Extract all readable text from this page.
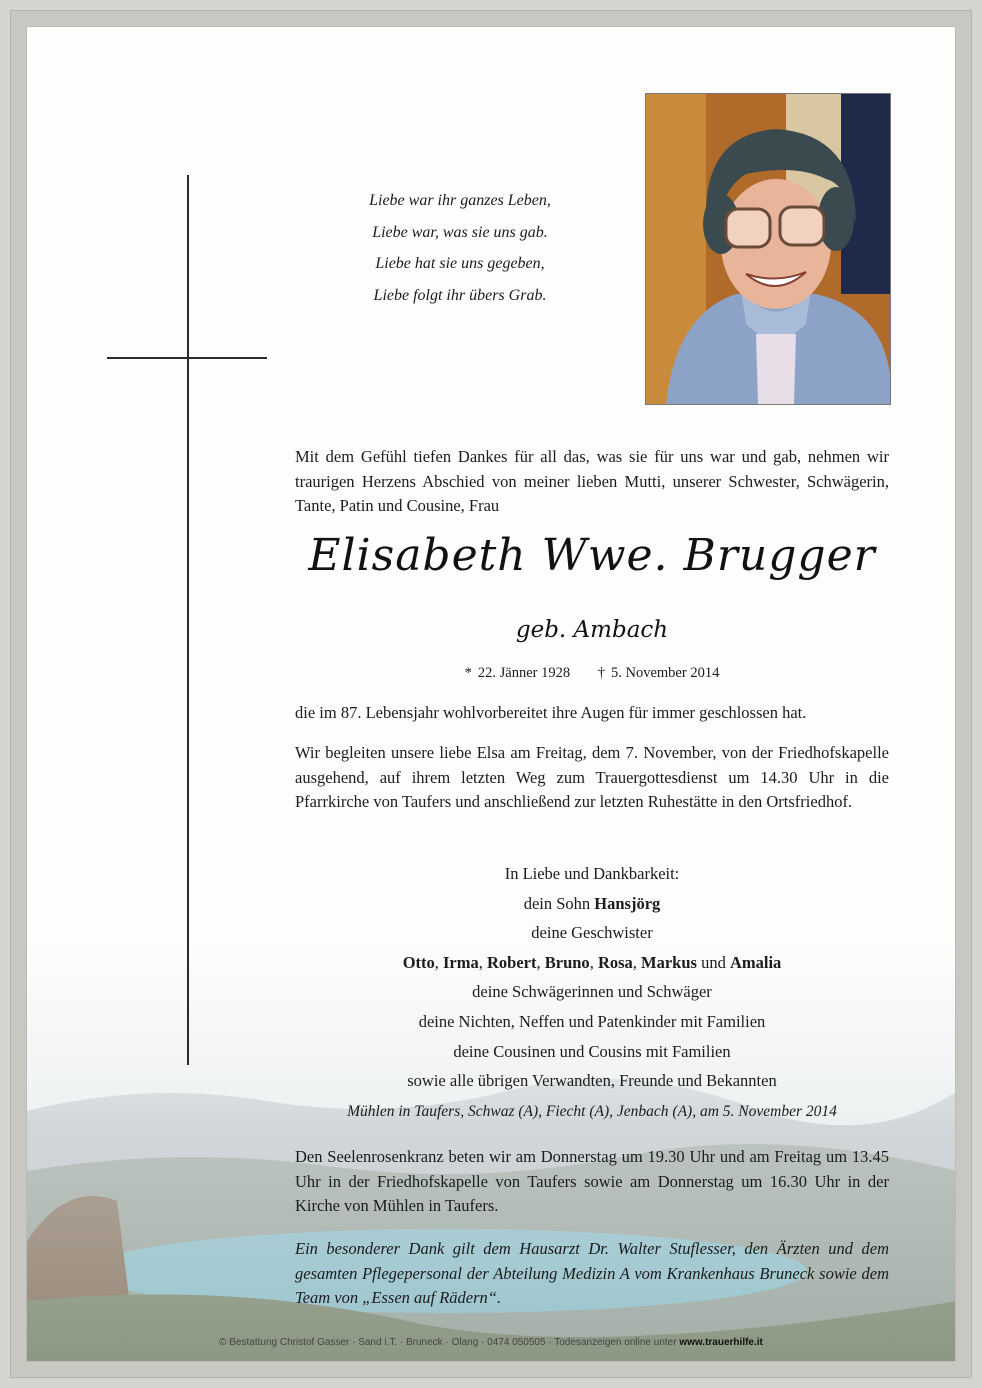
Liebe war ihr ganzes Leben,
Liebe war, was sie uns gab.
Liebe hat sie uns gegeben,
Liebe folgt ihr übers Grab.
Mit dem Gefühl tiefen Dankes für all das, was sie für uns war und gab, nehmen wir traurigen Herzens Abschied von meiner lieben Mutti, unserer Schwester, Schwägerin, Tante, Patin und Cousine, Frau
Elisabeth Wwe. Brugger
geb. Ambach
* 22. Jänner 1928 † 5. November 2014
die im 87. Lebensjahr wohlvorbereitet ihre Augen für immer geschlossen hat.
Wir begleiten unsere liebe Elsa am Freitag, dem 7. November, von der Friedhofskapelle ausgehend, auf ihrem letzten Weg zum Trauergottesdienst um 14.30 Uhr in die Pfarrkirche von Taufers und anschließend zur letzten Ruhestätte in den Ortsfriedhof.
In Liebe und Dankbarkeit:
dein Sohn Hansjörg
deine Geschwister
Otto, Irma, Robert, Bruno, Rosa, Markus und Amalia
deine Schwägerinnen und Schwäger
deine Nichten, Neffen und Patenkinder mit Familien
deine Cousinen und Cousins mit Familien
sowie alle übrigen Verwandten, Freunde und Bekannten
Mühlen in Taufers, Schwaz (A), Fiecht (A), Jenbach (A), am 5. November 2014
Den Seelenrosenkranz beten wir am Donnerstag um 19.30 Uhr und am Freitag um 13.45 Uhr in der Friedhofskapelle von Taufers sowie am Donnerstag um 16.30 Uhr in der Kirche von Mühlen in Taufers.
Ein besonderer Dank gilt dem Hausarzt Dr. Walter Stuflesser, den Ärzten und dem gesamten Pflegepersonal der Abteilung Medizin A vom Krankenhaus Bruneck sowie dem Team von „Essen auf Rädern“.
© Bestattung Christof Gasser · Sand i.T. · Bruneck · Olang · 0474 050505 · Todesanzeigen online unter www.trauerhilfe.it
